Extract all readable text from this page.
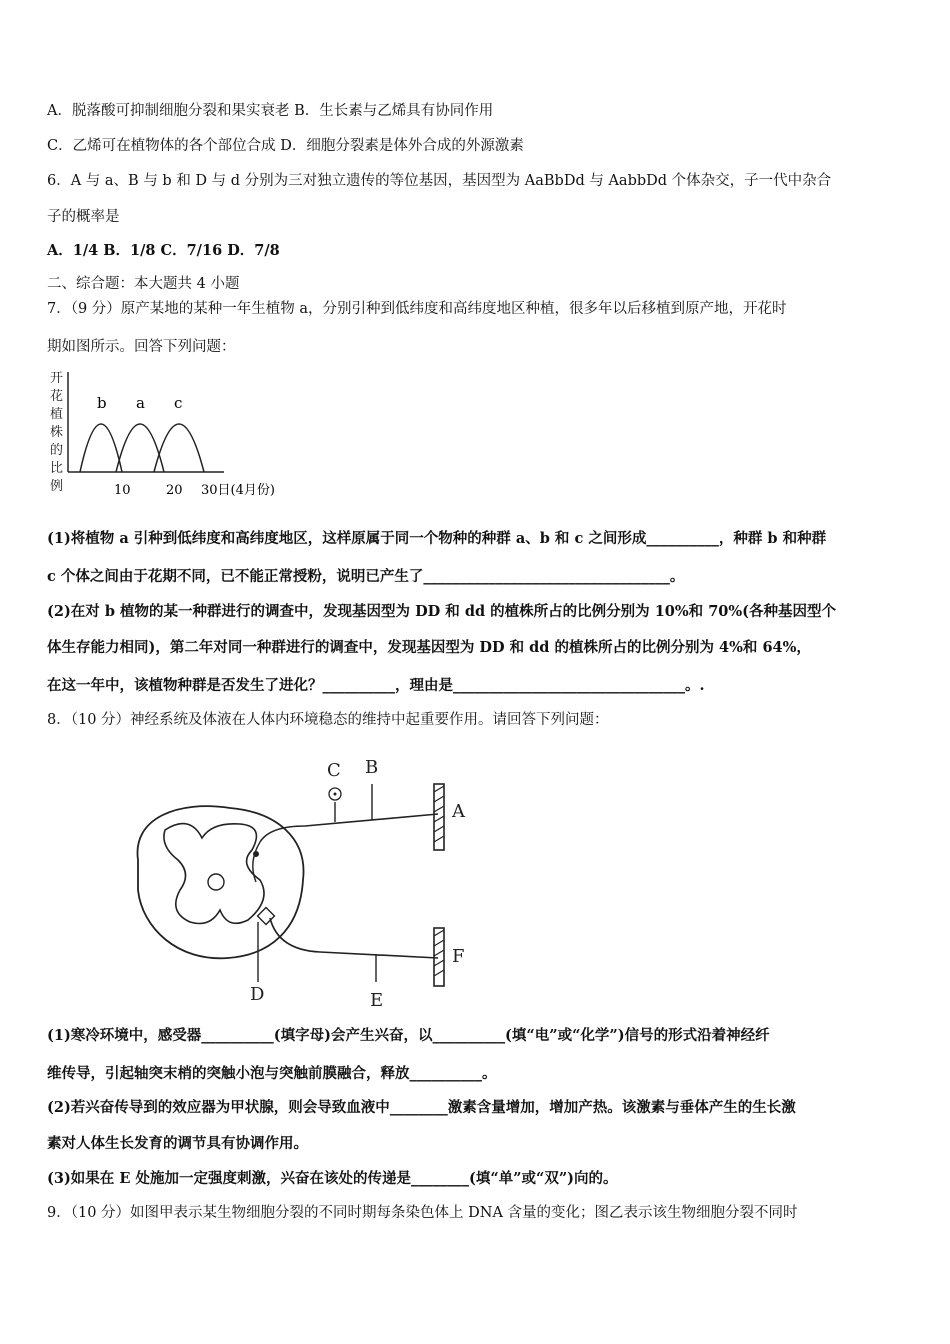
A．脱落酸可抑制细胞分裂和果实衰老 B．生长素与乙烯具有协同作用
C．乙烯可在植物体的各个部位合成 D．细胞分裂素是体外合成的外源激素
6．A 与 a、B 与 b 和 D 与 d 分别为三对独立遗传的等位基因，基因型为 AaBbDd 与 AabbDd 个体杂交，子一代中杂合
子的概率是
A．1/4 B．1/8 C．7/16 D．7/8
二、综合题：本大题共 4 小题
7．（9 分）原产某地的某种一年生植物 a，分别引种到低纬度和高纬度地区种植，很多年以后移植到原产地，开花时
期如图所示。回答下列问题：
开
花
植
株
的
比
例
b a c
10	20 30日(4月份)
(1)将植物 a 引种到低纬度和高纬度地区，这样原属于同一个物种的种群 a、b 和 c 之间形成__________，种群 b 和种群
c 个体之间由于花期不同，已不能正常授粉，说明已产生了__________________________________。
(2)在对 b 植物的某一种群进行的调查中，发现基因型为 DD 和 dd 的植株所占的比例分别为 10%和 70%(各种基因型个
体生存能力相同)，第二年对同一种群进行的调查中，发现基因型为 DD 和 dd 的植株所占的比例分别为 4%和 64%，
在这一年中，该植物种群是否发生了进化？__________，理由是________________________________。.
8．（10 分）神经系统及体液在人体内环境稳态的维持中起重要作用。请回答下列问题：
C B
A
D	E
F
(1)寒冷环境中，感受器__________(填字母)会产生兴奋，以__________(填“电”或“化学”)信号的形式沿着神经纤
维传导，引起轴突末梢的突触小泡与突触前膜融合，释放__________。
(2)若兴奋传导到的效应器为甲状腺，则会导致血液中________激素含量增加，增加产热。该激素与垂体产生的生长激
素对人体生长发育的调节具有协调作用。
(3)如果在 E 处施加一定强度刺激，兴奋在该处的传递是________(填“单”或“双”)向的。
9．（10 分）如图甲表示某生物细胞分裂的不同时期每条染色体上 DNA 含量的变化；图乙表示该生物细胞分裂不同时
